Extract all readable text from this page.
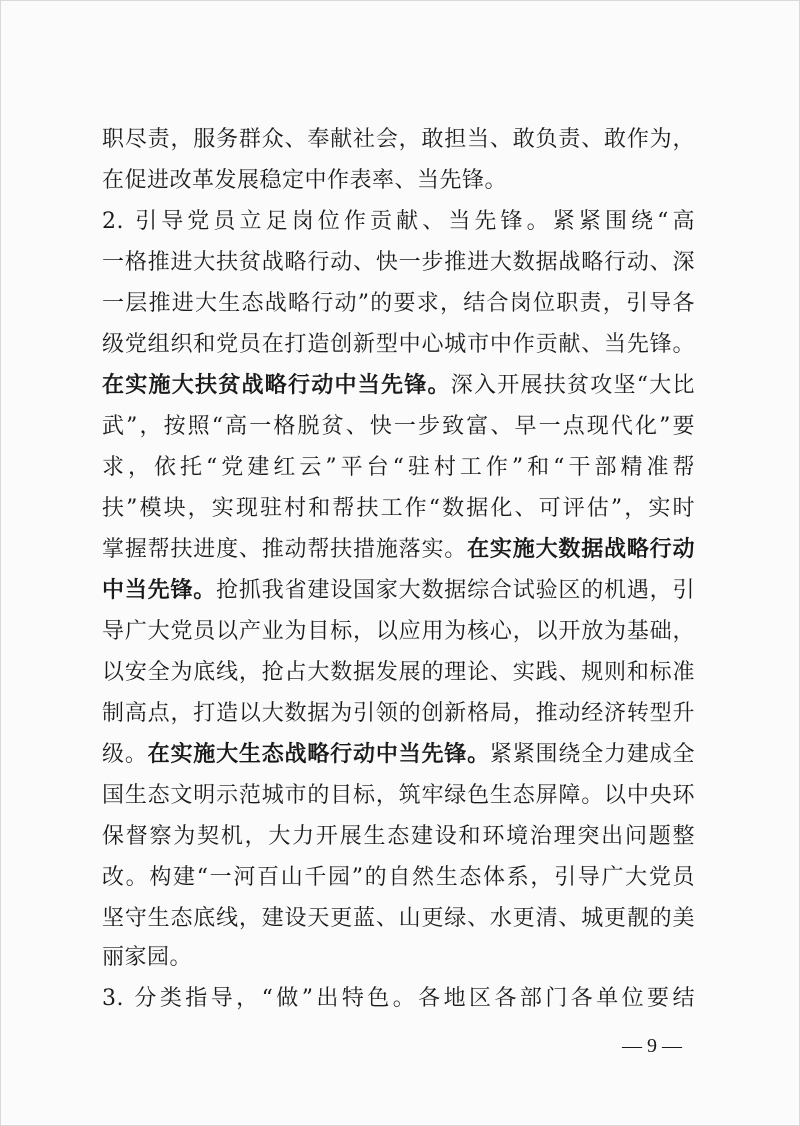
职尽责，服务群众、奉献社会，敢担当、敢负责、敢作为，
在促进改革发展稳定中作表率、当先锋。
2. 引导党员立足岗位作贡献、当先锋。紧紧围绕“高
一格推进大扶贫战略行动、快一步推进大数据战略行动、深
一层推进大生态战略行动”的要求，结合岗位职责，引导各
级党组织和党员在打造创新型中心城市中作贡献、当先锋。
在实施大扶贫战略行动中当先锋。深入开展扶贫攻坚“大比
武”，按照“高一格脱贫、快一步致富、早一点现代化”要
求，依托“党建红云”平台“驻村工作”和“干部精准帮
扶”模块，实现驻村和帮扶工作“数据化、可评估”，实时
掌握帮扶进度、推动帮扶措施落实。在实施大数据战略行动
中当先锋。抢抓我省建设国家大数据综合试验区的机遇，引
导广大党员以产业为目标，以应用为核心，以开放为基础，
以安全为底线，抢占大数据发展的理论、实践、规则和标准
制高点，打造以大数据为引领的创新格局，推动经济转型升
级。在实施大生态战略行动中当先锋。紧紧围绕全力建成全
国生态文明示范城市的目标，筑牢绿色生态屏障。以中央环
保督察为契机，大力开展生态建设和环境治理突出问题整
改。构建“一河百山千园”的自然生态体系，引导广大党员
坚守生态底线，建设天更蓝、山更绿、水更清、城更靓的美
丽家园。
3. 分类指导，“做”出特色。各地区各部门各单位要结
— 9 —
